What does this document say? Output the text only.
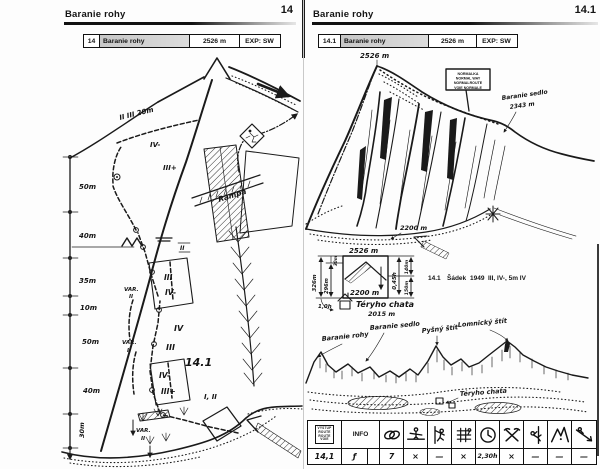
Baranie rohy	14 Baranie rohy	14.1
14	Baranie rohy	2526 m	EXP: SW	14.1	Baranie rohy	2526 m	EXP: SW
50m
40m
35m
10m
50m
40m
30m
II III 20m
IV-
III+
Rampa
II
III
IV-
VAR.
II
IV
III
VAR.
II
14.1
IV-
III+
I, II
VAR.
II
2526 m
NORMALKA
NORMAL WAY
NORMALROUTE
VOIE NORMALE
Baranie sedlo
2343 m
2200 m
2526 m
2200 m
326m 296m
30m
0,45h
140m
150m
1,0h	Téryho chata
2015 m
14.1 Šádek 1949 III, IV-, 5m IV
Baranie rohy
Baranie sedlo Pyšný štít
Lomnický štít
Téryho chata
VÝSTUP
ROUTE
ROUTE
VOIE
INFO
14,1	ƒ	7	×	—	×	2,30h	×	—	—	—
